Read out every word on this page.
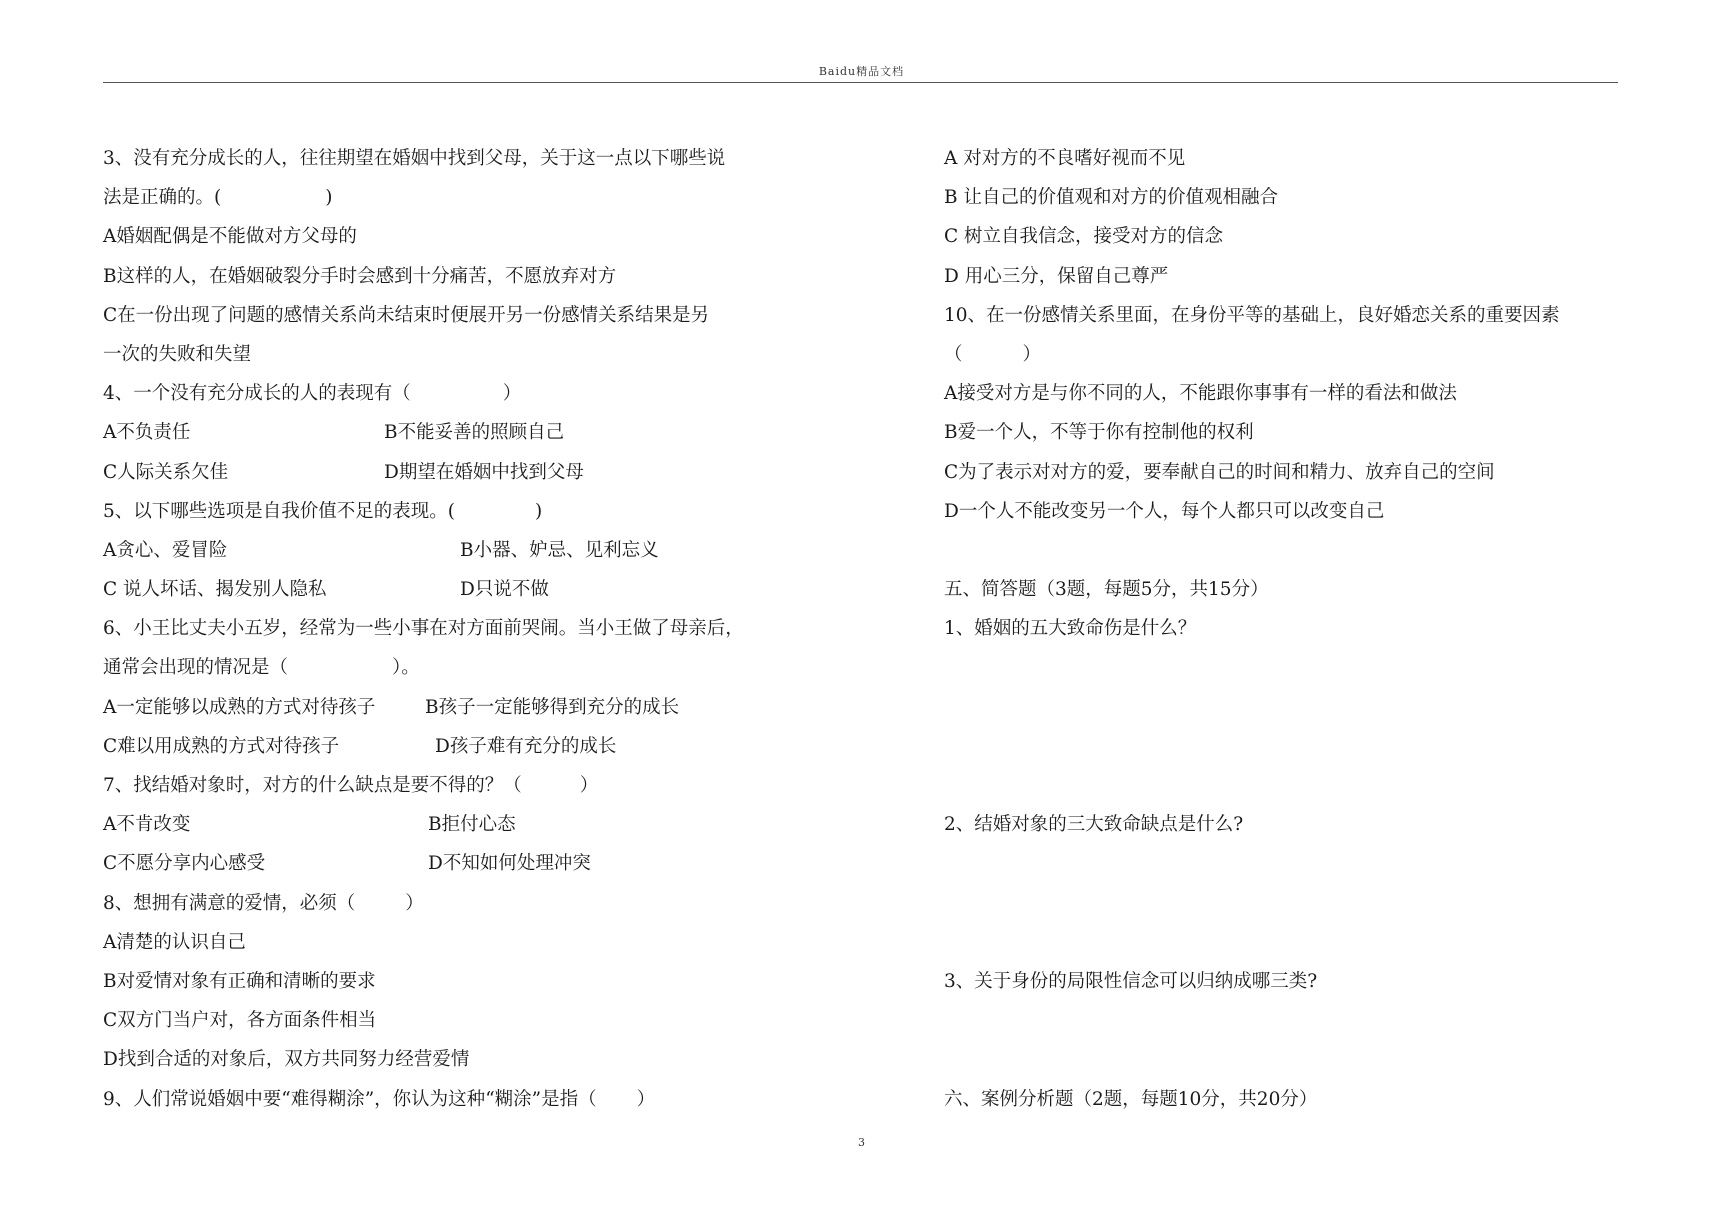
Baidu精品文档
3、没有充分成长的人，往往期望在婚姻中找到父母，关于这一点以下哪些说
法是正确的。(	)
A婚姻配偶是不能做对方父母的
B这样的人，在婚姻破裂分手时会感到十分痛苦，不愿放弃对方
C在一份出现了问题的感情关系尚未结束时便展开另一份感情关系结果是另
一次的失败和失望
4、一个没有充分成长的人的表现有（	）
A不负责任	B不能妥善的照顾自己
C人际关系欠佳	D期望在婚姻中找到父母
5、以下哪些选项是自我价值不足的表现。(	)
A贪心、爱冒险	B小器、妒忌、见利忘义
C 说人坏话、揭发别人隐私	D只说不做
6、小王比丈夫小五岁，经常为一些小事在对方面前哭闹。当小王做了母亲后，
通常会出现的情况是（	）。
A一定能够以成熟的方式对待孩子	B孩子一定能够得到充分的成长
C难以用成熟的方式对待孩子	D孩子难有充分的成长
7、找结婚对象时，对方的什么缺点是要不得的？（	）
A不肯改变	B拒付心态
C不愿分享内心感受	D不知如何处理冲突
8、想拥有满意的爱情，必须（	）
A清楚的认识自己
B对爱情对象有正确和清晰的要求
C双方门当户对，各方面条件相当
D找到合适的对象后，双方共同努力经营爱情
9、人们常说婚姻中要“难得糊涂”，你认为这种“糊涂”是指（ ）
A 对对方的不良嗜好视而不见
B 让自己的价值观和对方的价值观相融合
C 树立自我信念，接受对方的信念
D 用心三分，保留自己尊严
10、在一份感情关系里面，在身份平等的基础上，良好婚恋关系的重要因素
（	）
A接受对方是与你不同的人，不能跟你事事有一样的看法和做法
B爱一个人，不等于你有控制他的权利
C为了表示对对方的爱，要奉献自己的时间和精力、放弃自己的空间
D一个人不能改变另一个人，每个人都只可以改变自己
五、简答题（3题，每题5分，共15分）
1、婚姻的五大致命伤是什么？
2、结婚对象的三大致命缺点是什么?
3、关于身份的局限性信念可以归纳成哪三类?
六、案例分析题（2题，每题10分，共20分）
3
